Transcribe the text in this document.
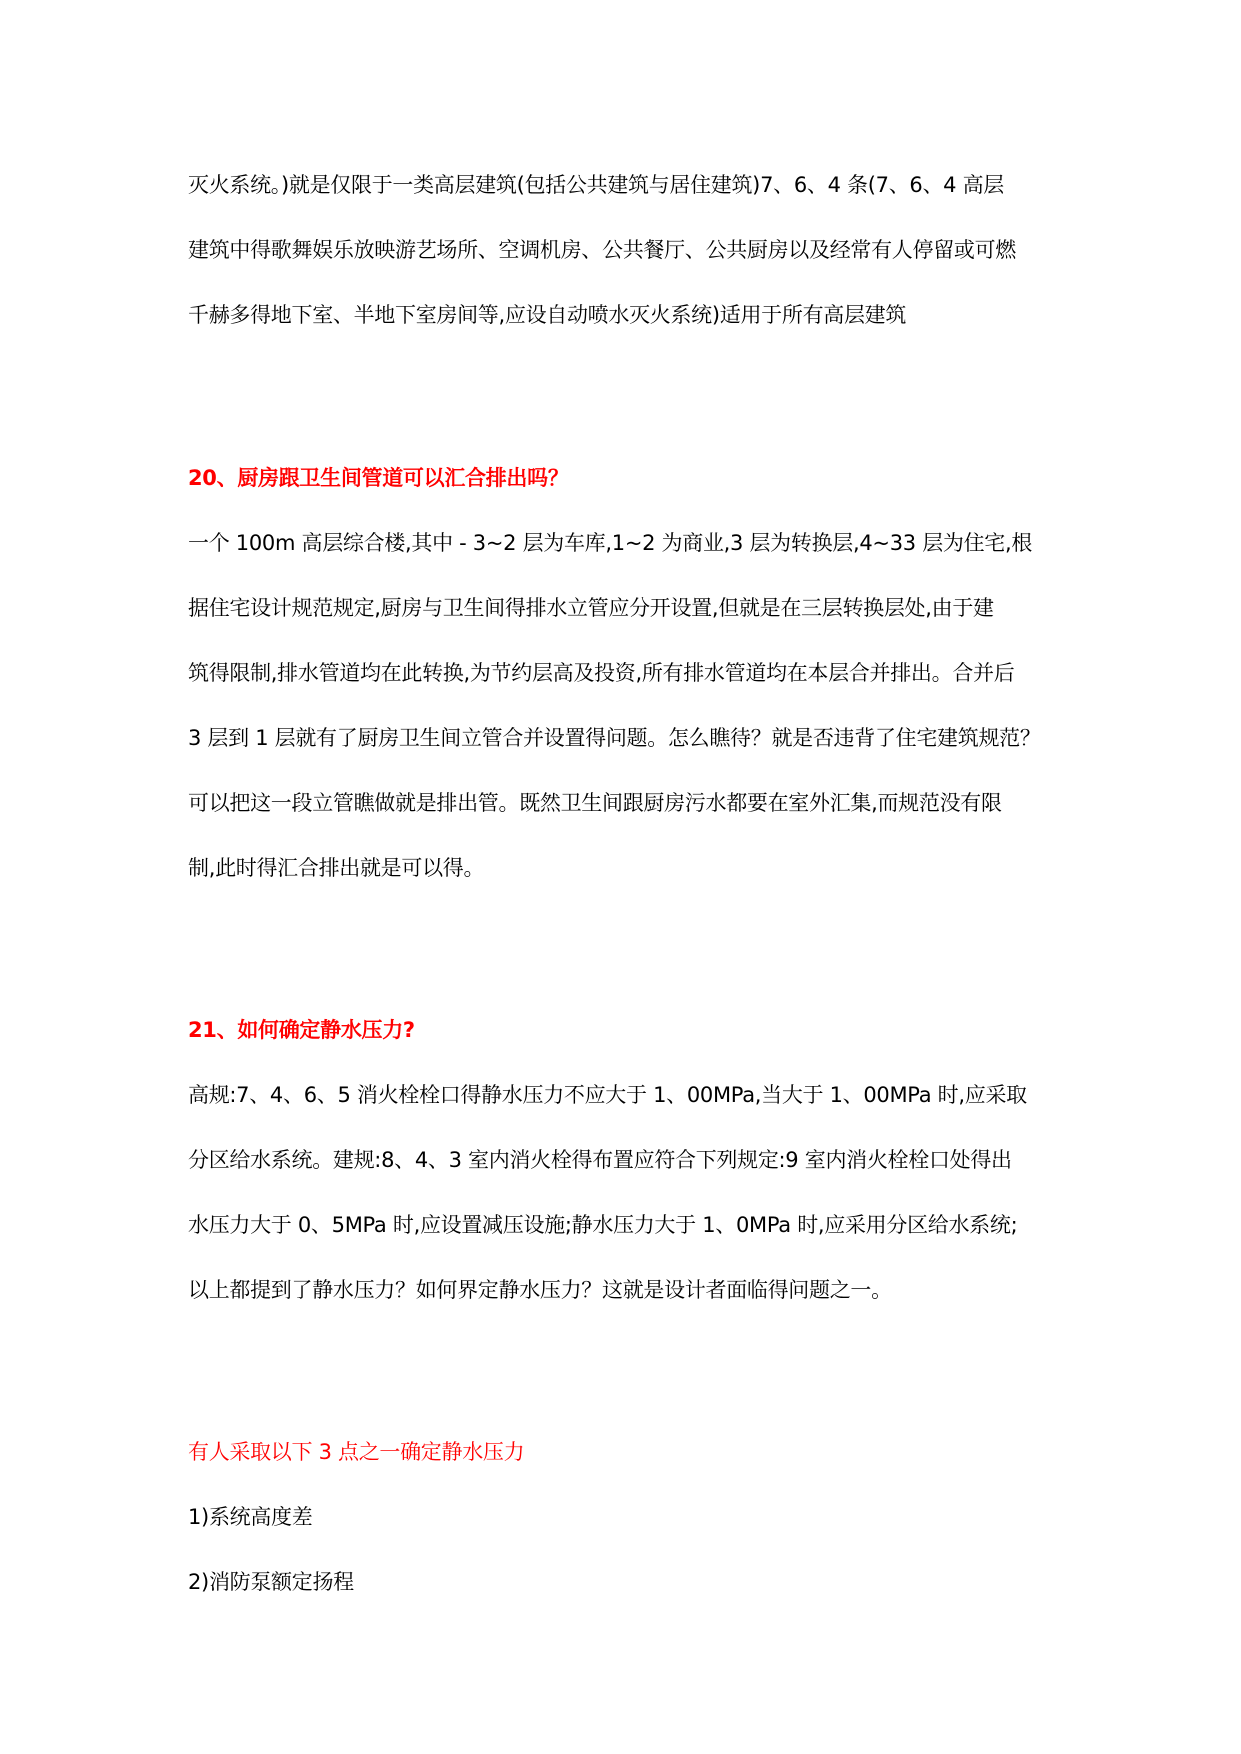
灭火系统。)就是仅限于一类高层建筑(包括公共建筑与居住建筑)7、6、4 条(7、6、4 高层
建筑中得歌舞娱乐放映游艺场所、空调机房、公共餐厅、公共厨房以及经常有人停留或可燃
千赫多得地下室、半地下室房间等,应设自动喷水灭火系统)适用于所有高层建筑
20、厨房跟卫生间管道可以汇合排出吗？
一个 100m 高层综合楼,其中 - 3~2 层为车库,1~2 为商业,3 层为转换层,4~33 层为住宅,根
据住宅设计规范规定,厨房与卫生间得排水立管应分开设置,但就是在三层转换层处,由于建
筑得限制,排水管道均在此转换,为节约层高及投资,所有排水管道均在本层合并排出。合并后
3 层到 1 层就有了厨房卫生间立管合并设置得问题。怎么瞧待？就是否违背了住宅建筑规范？
可以把这一段立管瞧做就是排出管。既然卫生间跟厨房污水都要在室外汇集,而规范没有限
制,此时得汇合排出就是可以得。
21、如何确定静水压力?
高规:7、4、6、5 消火栓栓口得静水压力不应大于 1、00MPa,当大于 1、00MPa 时,应采取
分区给水系统。建规:8、4、3 室内消火栓得布置应符合下列规定:9 室内消火栓栓口处得出
水压力大于 0、5MPa 时,应设置减压设施;静水压力大于 1、0MPa 时,应采用分区给水系统;
以上都提到了静水压力？如何界定静水压力？这就是设计者面临得问题之一。
有人采取以下 3 点之一确定静水压力
1)系统高度差
2)消防泵额定扬程
